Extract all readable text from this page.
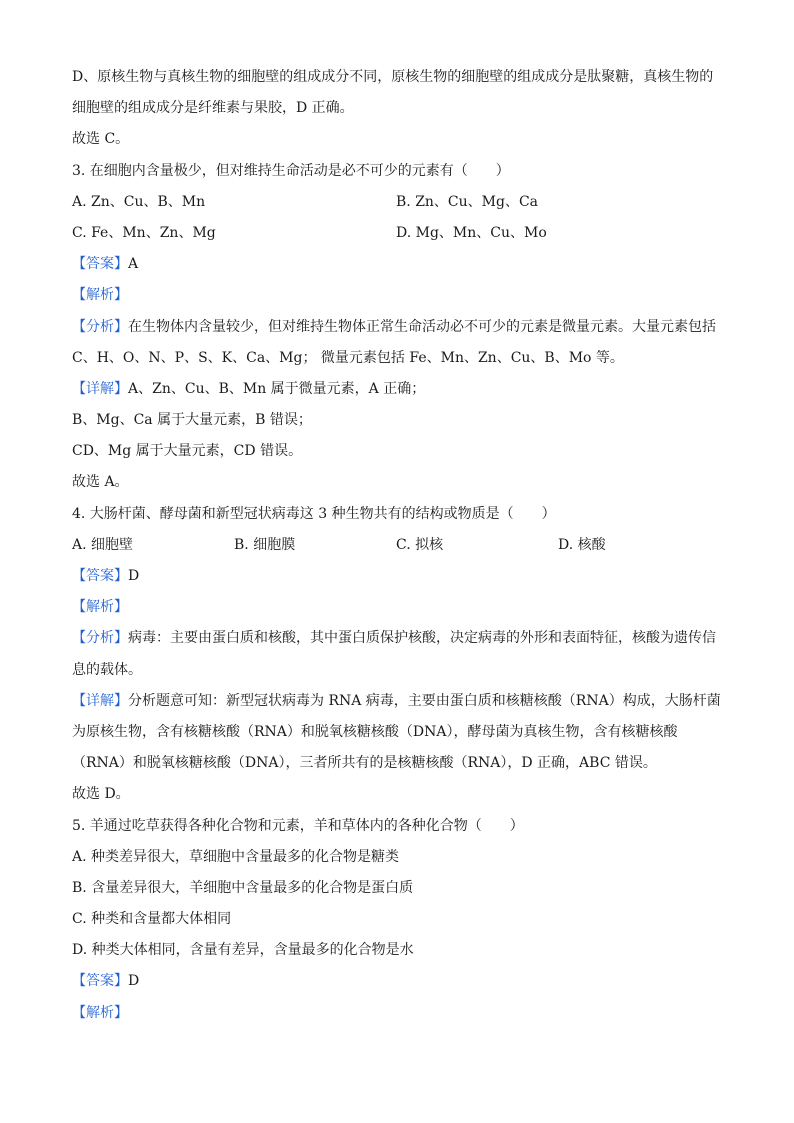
D、原核生物与真核生物的细胞壁的组成成分不同，原核生物的细胞壁的组成成分是肽聚糖，真核生物的
细胞壁的组成成分是纤维素与果胶，D 正确。
故选 C。
3. 在细胞内含量极少，但对维持生命活动是必不可少的元素有（　　）
A. Zn、Cu、B、Mn	B. Zn、Cu、Mg、Ca
C. Fe、Mn、Zn、Mg	D. Mg、Mn、Cu、Mo
【答案】A
【解析】
【分析】在生物体内含量较少，但对维持生物体正常生命活动必不可少的元素是微量元素。大量元素包括
C、H、O、N、P、S、K、Ca、Mg； 微量元素包括 Fe、Mn、Zn、Cu、B、Mo 等。
【详解】A、Zn、Cu、B、Mn 属于微量元素，A 正确；
B、Mg、Ca 属于大量元素，B 错误；
CD、Mg 属于大量元素，CD 错误。
故选 A。
4. 大肠杆菌、酵母菌和新型冠状病毒这 3 种生物共有的结构或物质是（　　）
A. 细胞壁	B. 细胞膜	C. 拟核	D. 核酸
【答案】D
【解析】
【分析】病毒：主要由蛋白质和核酸，其中蛋白质保护核酸，决定病毒的外形和表面特征，核酸为遗传信
息的载体。
【详解】分析题意可知：新型冠状病毒为 RNA 病毒，主要由蛋白质和核糖核酸（RNA）构成，大肠杆菌
为原核生物，含有核糖核酸（RNA）和脱氧核糖核酸（DNA），酵母菌为真核生物，含有核糖核酸
（RNA）和脱氧核糖核酸（DNA），三者所共有的是核糖核酸（RNA），D 正确，ABC 错误。
故选 D。
5. 羊通过吃草获得各种化合物和元素，羊和草体内的各种化合物（　　）
A. 种类差异很大，草细胞中含量最多的化合物是糖类
B. 含量差异很大，羊细胞中含量最多的化合物是蛋白质
C. 种类和含量都大体相同
D. 种类大体相同，含量有差异，含量最多的化合物是水
【答案】D
【解析】
